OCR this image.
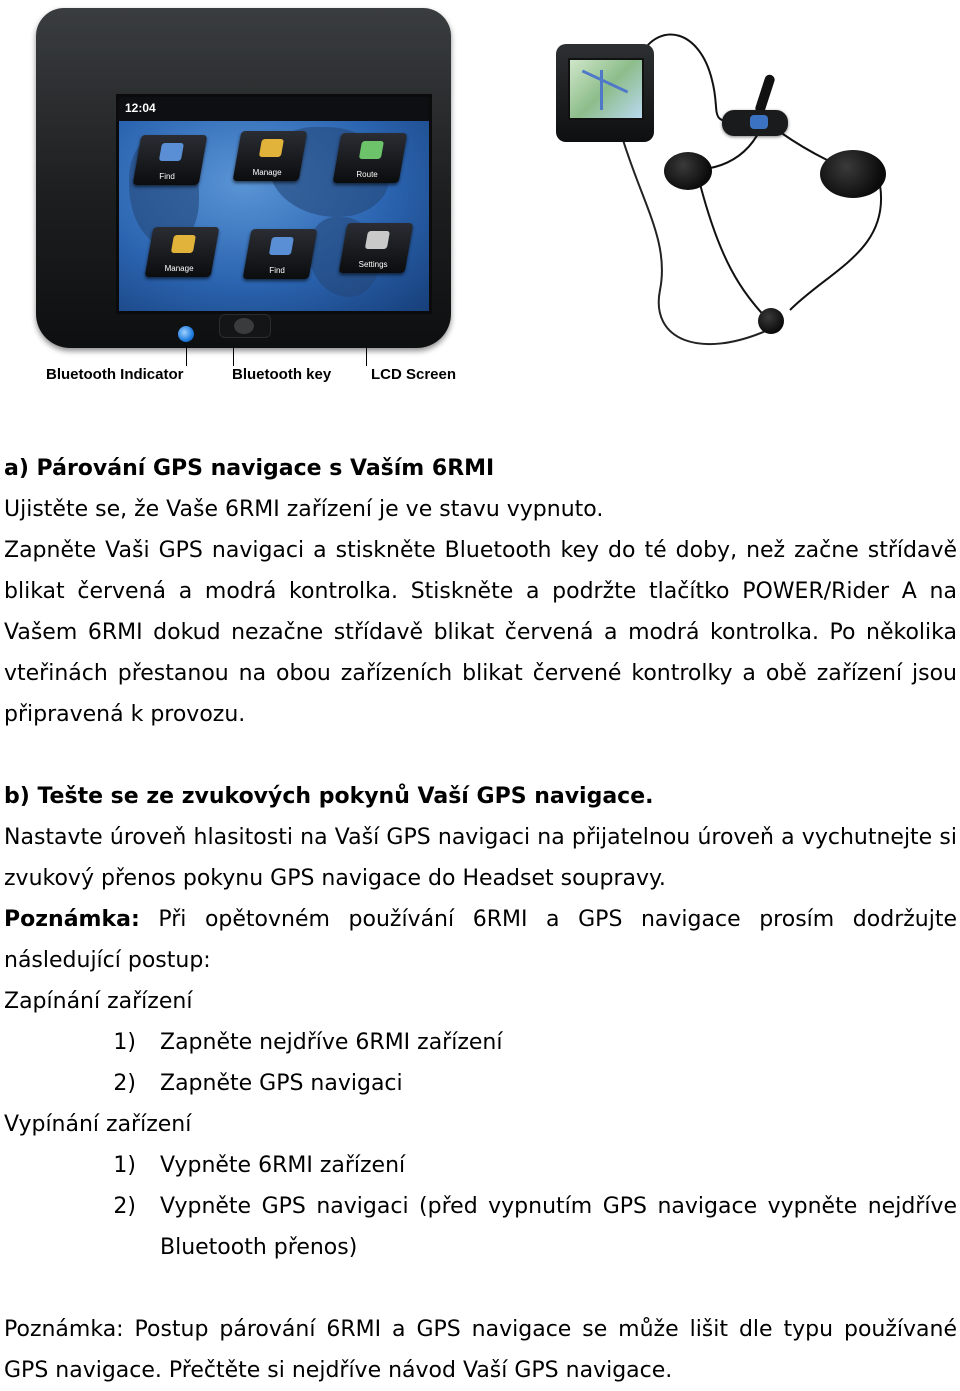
12:04
Find	Manage	Route
Manage	Find
Settings
Bluetooth Indicator	Bluetooth key	LCD Screen

a) Párování GPS navigace s Vaším 6RMI

Ujistěte se, že Vaše 6RMI zařízení je ve stavu vypnuto.

Zapněte Vaši GPS navigaci a stiskněte Bluetooth key do té doby, než začne střídavě blikat červená a modrá kontrolka. Stiskněte a podržte tlačítko POWER/Rider A na Vašem 6RMI dokud nezačne střídavě blikat červená a modrá kontrolka. Po několika vteřinách přestanou na obou zařízeních blikat červené kontrolky a obě zařízení jsou připravená k provozu.

b) Tešte se ze zvukových pokynů Vaší GPS navigace.

Nastavte úroveň hlasitosti na Vaší GPS navigaci na přijatelnou úroveň a vychutnejte si zvukový přenos pokynu GPS navigace do Headset soupravy.

Poznámka: Při opětovném používání 6RMI a GPS navigace prosím dodržujte následující postup:

Zapínání zařízení

1)	Zapněte nejdříve 6RMI zařízení
2)	Zapněte GPS navigaci

Vypínání zařízení

1)	Vypněte 6RMI zařízení
2)	Vypněte GPS navigaci (před vypnutím GPS navigace vypněte nejdříve Bluetooth přenos)

Poznámka: Postup párování 6RMI a GPS navigace se může lišit dle typu používané GPS navigace. Přečtěte si nejdříve návod Vaší GPS navigace.
